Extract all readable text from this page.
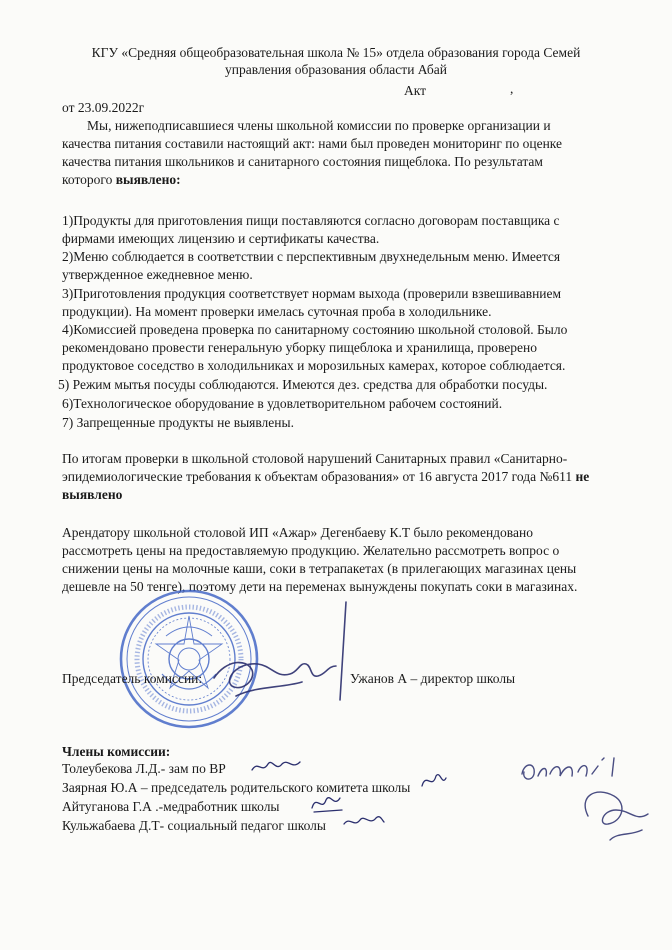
КГУ «Средняя общеобразовательная школа № 15» отдела образования города Семей
управления образования области Абай
Акт	,
от 23.09.2022г
Мы, нижеподписавшиеся члены школьной комиссии по проверке организации и
качества питания составили настоящий акт: нами был проведен мониторинг по оценке
качества питания школьников и санитарного состояния пищеблока. По результатам
которого выявлено:
1)Продукты для приготовления пищи поставляются согласно договорам поставщика с
фирмами имеющих лицензию и сертификаты качества.
2)Меню соблюдается в соответствии с перспективным двухнедельным меню. Имеется
утвержденное ежедневное меню.
3)Приготовления продукция соответствует нормам выхода (проверили взвешивавнием
продукции). На момент проверки имелась суточная проба в холодильнике.
4)Комиссией проведена проверка по санитарному состоянию школьной столовой. Было
рекомендовано провести генеральную уборку пищеблока и хранилища, проверено
продуктовое соседство в холодильниках и морозильных камерах, которое соблюдается.
5) Режим мытья посуды соблюдаются. Имеются дез. средства для обработки посуды.
6)Технологическое оборудование в удовлетворительном рабочем состояний.
7) Запрещенные продукты не выявлены.
По итогам проверки в школьной столовой нарушений Санитарных правил «Санитарно-
эпидемиологические требования к объектам образования» от 16 августа 2017 года №611 не
выявлено
Арендатору школьной столовой ИП «Ажар» Дегенбаеву К.Т было рекомендовано
рассмотреть цены на предоставляемую продукцию. Желательно рассмотреть вопрос о
снижении цены на молочные каши, соки в тетрапакетах (в прилегающих магазинах цены
дешевле на 50 тенге), поэтому дети на переменах вынуждены покупать соки в магазинах.
Председатель комиссии:	Ужанов А – директор школы
Члены комиссии:
Толеубекова Л.Д.- зам по ВР
Заярная Ю.А – председатель родительского комитета школы
Айтуганова Г.А .-медработник школы
Кульжабаева Д.Т- социальный педагог школы
